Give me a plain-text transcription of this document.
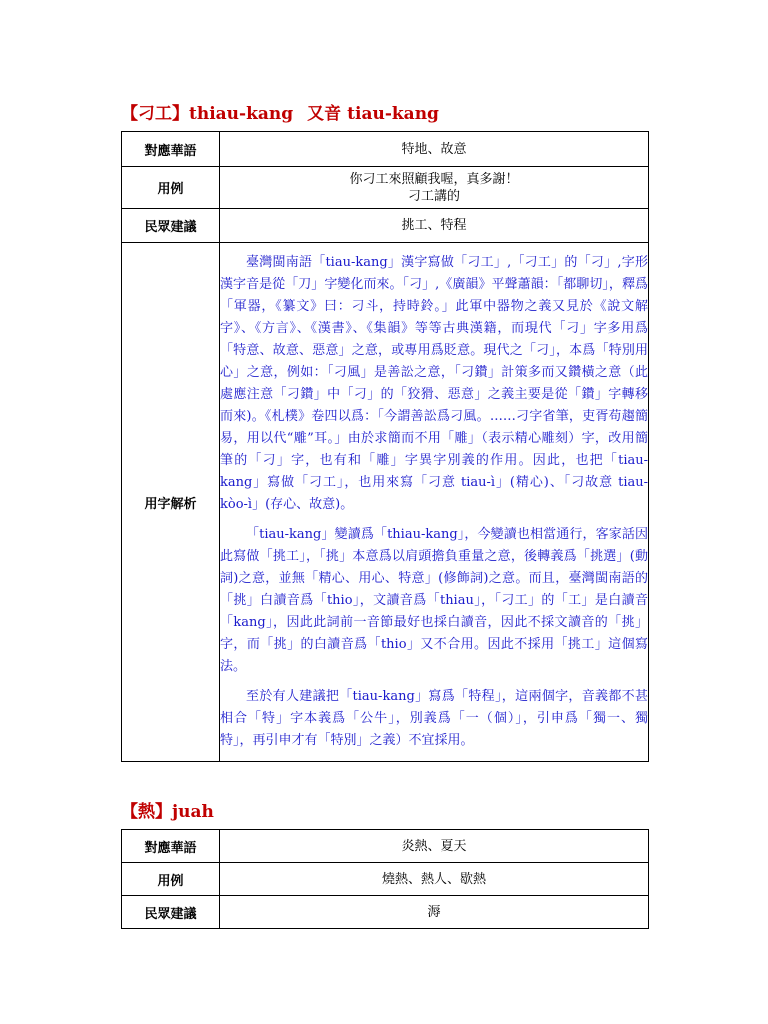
【刁工】thiau-kang 又音 tiau-kang
對應華語	特地、故意
用例	你刁工來照顧我喔，真多謝！
刁工講的

民眾建議	挑工、特程
用字解析	臺灣閩南語「tiau-kang」漢字寫做「刁工」,「刁工」的「刁」,字形漢字音是從「刀」字變化而來。「刁」,《廣韻》平聲蕭韻：「都聊切」，釋爲「軍器，《纂文》曰：刁斗，持時鈴。」此軍中器物之義又見於《說文解字》、《方言》、《漢書》、《集韻》等等古典漢籍，而現代「刁」字多用爲「特意、故意、惡意」之意，或專用爲貶意。現代之「刁」，本爲「特別用心」之意，例如：「刁風」是善訟之意，「刁鑽」計策多而又鑽橫之意（此處應注意「刁鑽」中「刁」的「狡猾、惡意」之義主要是從「鑽」字轉移而來)。《札樸》卷四以爲：「今謂善訟爲刁風。……刁字省筆，吏胥苟趨簡易，用以代“雕”耳。」由於求簡而不用「雕」（表示精心雕刻）字，改用簡筆的「刁」字，也有和「雕」字異字別義的作用。因此，也把「tiau-kang」寫做「刁工」，也用來寫「刁意 tiau-ì」(精心)、「刁故意 tiau-kòo-ì」(存心、故意)。

「tiau-kang」變讀爲「thiau-kang」，今變讀也相當通行，客家話因此寫做「挑工」，「挑」本意爲以肩頭擔負重量之意，後轉義爲「挑選」(動詞)之意，並無「精心、用心、特意」(修飾詞)之意。而且，臺灣閩南語的「挑」白讀音爲「thio」，文讀音爲「thiau」，「刁工」的「工」是白讀音「kang」，因此此詞前一音節最好也採白讀音，因此不採文讀音的「挑」字，而「挑」的白讀音爲「thio」又不合用。因此不採用「挑工」這個寫法。

至於有人建議把「tiau-kang」寫爲「特程」，這兩個字，音義都不甚相合「特」字本義爲「公牛」，別義爲「一（個）」，引申爲「獨一、獨特」，再引申才有「特別」之義）不宜採用。

【熱】juah
對應華語	炎熱、夏天
用例	燒熱、熱人、歇熱
民眾建議	溽
